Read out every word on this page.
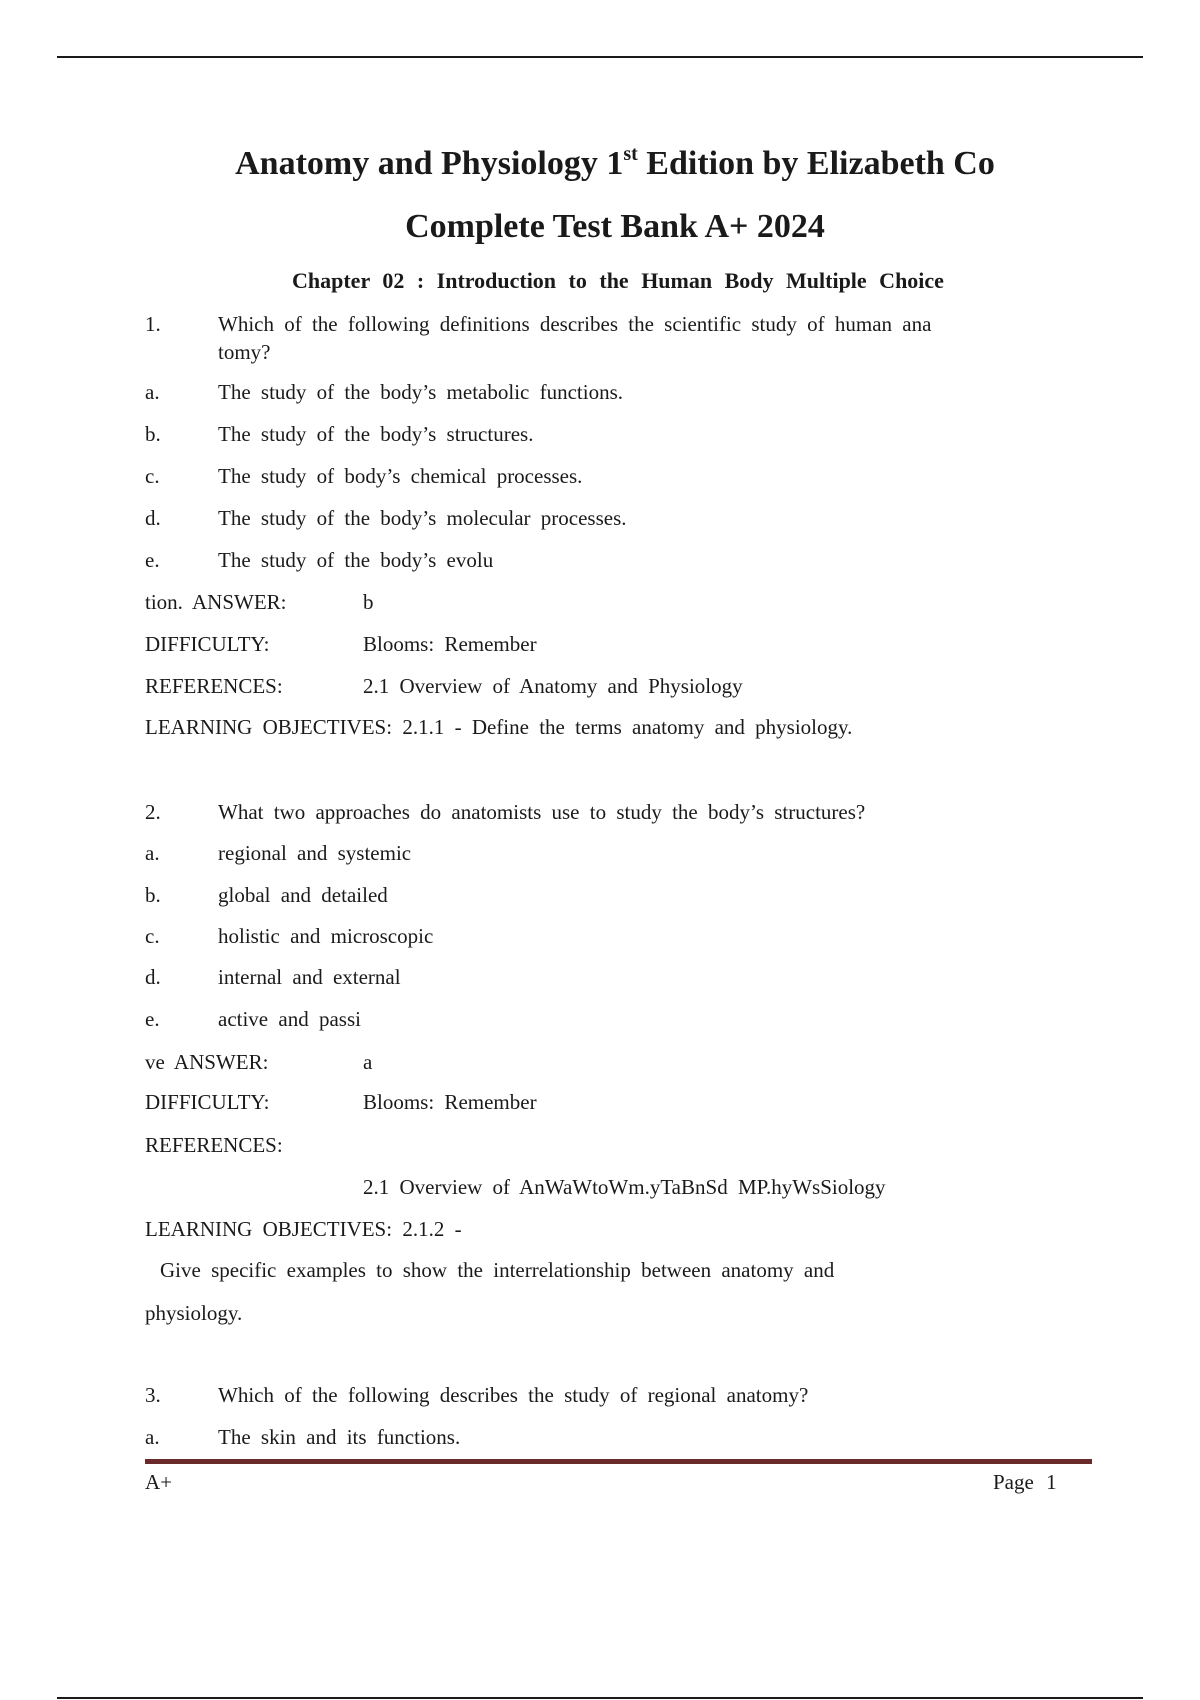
Anatomy and Physiology 1st Edition by Elizabeth Co
Complete Test Bank A+ 2024
Chapter 02 : Introduction to the Human Body Multiple Choice
1.	Which of the following definitions describes the scientific study of human ana
tomy?
a.	The study of the body’s metabolic functions.
b.	The study of the body’s structures.
c.	The study of body’s chemical processes.
d.	The study of the body’s molecular processes.
e.	The study of the body’s evolu
tion. ANSWER:	b
DIFFICULTY:	Blooms: Remember
REFERENCES:	2.1 Overview of Anatomy and Physiology
LEARNING OBJECTIVES: 2.1.1 - Define the terms anatomy and physiology.
2.	What two approaches do anatomists use to study the body’s structures?
a.	regional and systemic
b.	global and detailed
c.	holistic and microscopic
d.	internal and external
e.	active and passi
ve ANSWER:	a
DIFFICULTY:	Blooms: Remember
REFERENCES:
2.1 Overview of AnWaWtoWm.yTaBnSd MP.hyWsSiology
LEARNING OBJECTIVES: 2.1.2 -
Give specific examples to show the interrelationship between anatomy and
physiology.
3.	Which of the following describes the study of regional anatomy?
a.	The skin and its functions.
A+	Page 1
